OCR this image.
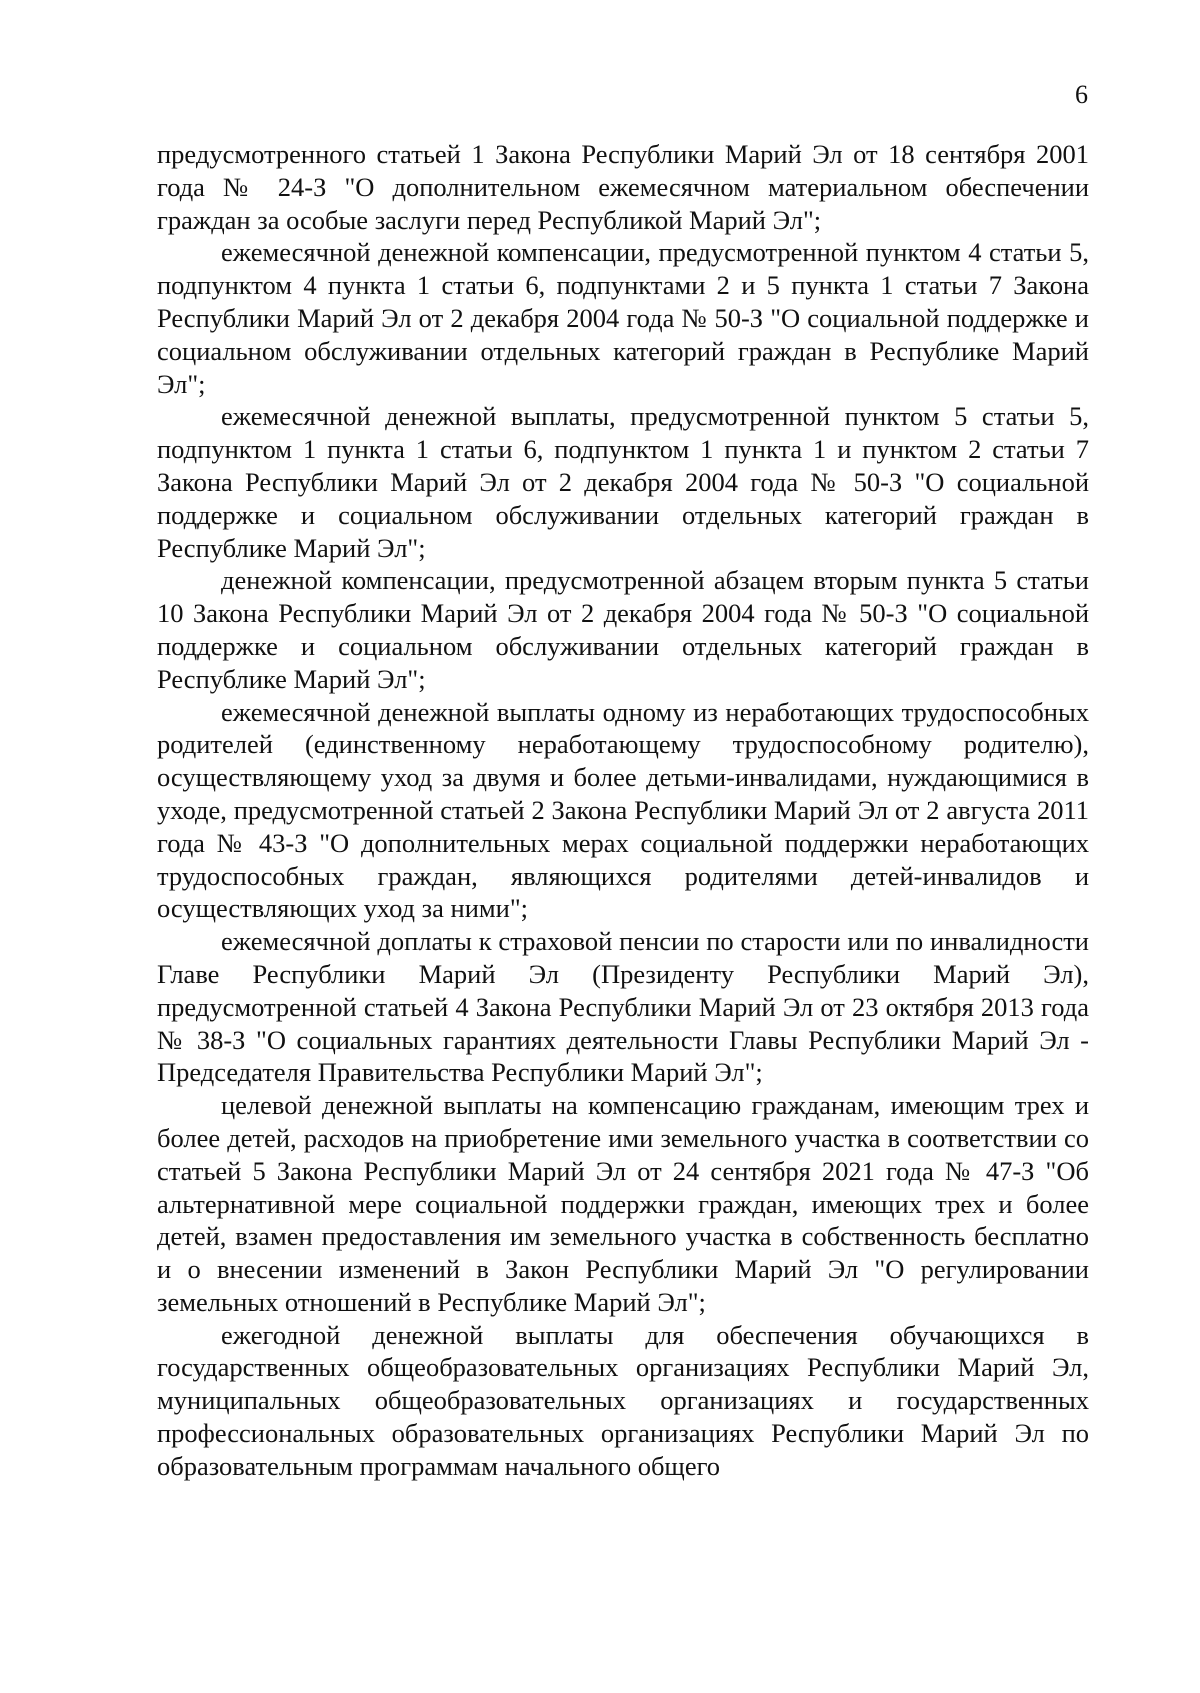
6

предусмотренного статьей 1 Закона Республики Марий Эл от 18 сентября 2001 года № 24-З "О дополнительном ежемесячном материальном обеспечении граждан за особые заслуги перед Республикой Марий Эл";

ежемесячной денежной компенсации, предусмотренной пунктом 4 статьи 5, подпунктом 4 пункта 1 статьи 6, подпунктами 2 и 5 пункта 1 статьи 7 Закона Республики Марий Эл от 2 декабря 2004 года № 50-З "О социальной поддержке и социальном обслуживании отдельных категорий граждан в Республике Марий Эл";

ежемесячной денежной выплаты, предусмотренной пунктом 5 статьи 5, подпунктом 1 пункта 1 статьи 6, подпунктом 1 пункта 1 и пунктом 2 статьи 7 Закона Республики Марий Эл от 2 декабря 2004 года № 50-З "О социальной поддержке и социальном обслуживании отдельных категорий граждан в Республике Марий Эл";

денежной компенсации, предусмотренной абзацем вторым пункта 5 статьи 10 Закона Республики Марий Эл от 2 декабря 2004 года № 50-З "О социальной поддержке и социальном обслуживании отдельных категорий граждан в Республике Марий Эл";

ежемесячной денежной выплаты одному из неработающих трудоспособных родителей (единственному неработающему трудоспособному родителю), осуществляющему уход за двумя и более детьми-инвалидами, нуждающимися в уходе, предусмотренной статьей 2 Закона Республики Марий Эл от 2 августа 2011 года № 43-З "О дополнительных мерах социальной поддержки неработающих трудоспособных граждан, являющихся родителями детей-инвалидов и осуществляющих уход за ними";

ежемесячной доплаты к страховой пенсии по старости или по инвалидности Главе Республики Марий Эл (Президенту Республики Марий Эл), предусмотренной статьей 4 Закона Республики Марий Эл от 23 октября 2013 года № 38-З "О социальных гарантиях деятельности Главы Республики Марий Эл - Председателя Правительства Республики Марий Эл";

целевой денежной выплаты на компенсацию гражданам, имеющим трех и более детей, расходов на приобретение ими земельного участка в соответствии со статьей 5 Закона Республики Марий Эл от 24 сентября 2021 года № 47-З "Об альтернативной мере социальной поддержки граждан, имеющих трех и более детей, взамен предоставления им земельного участка в собственность бесплатно и о внесении изменений в Закон Республики Марий Эл "О регулировании земельных отношений в Республике Марий Эл";

ежегодной денежной выплаты для обеспечения обучающихся в государственных общеобразовательных организациях Республики Марий Эл, муниципальных общеобразовательных организациях и государственных профессиональных образовательных организациях Республики Марий Эл по образовательным программам начального общего
